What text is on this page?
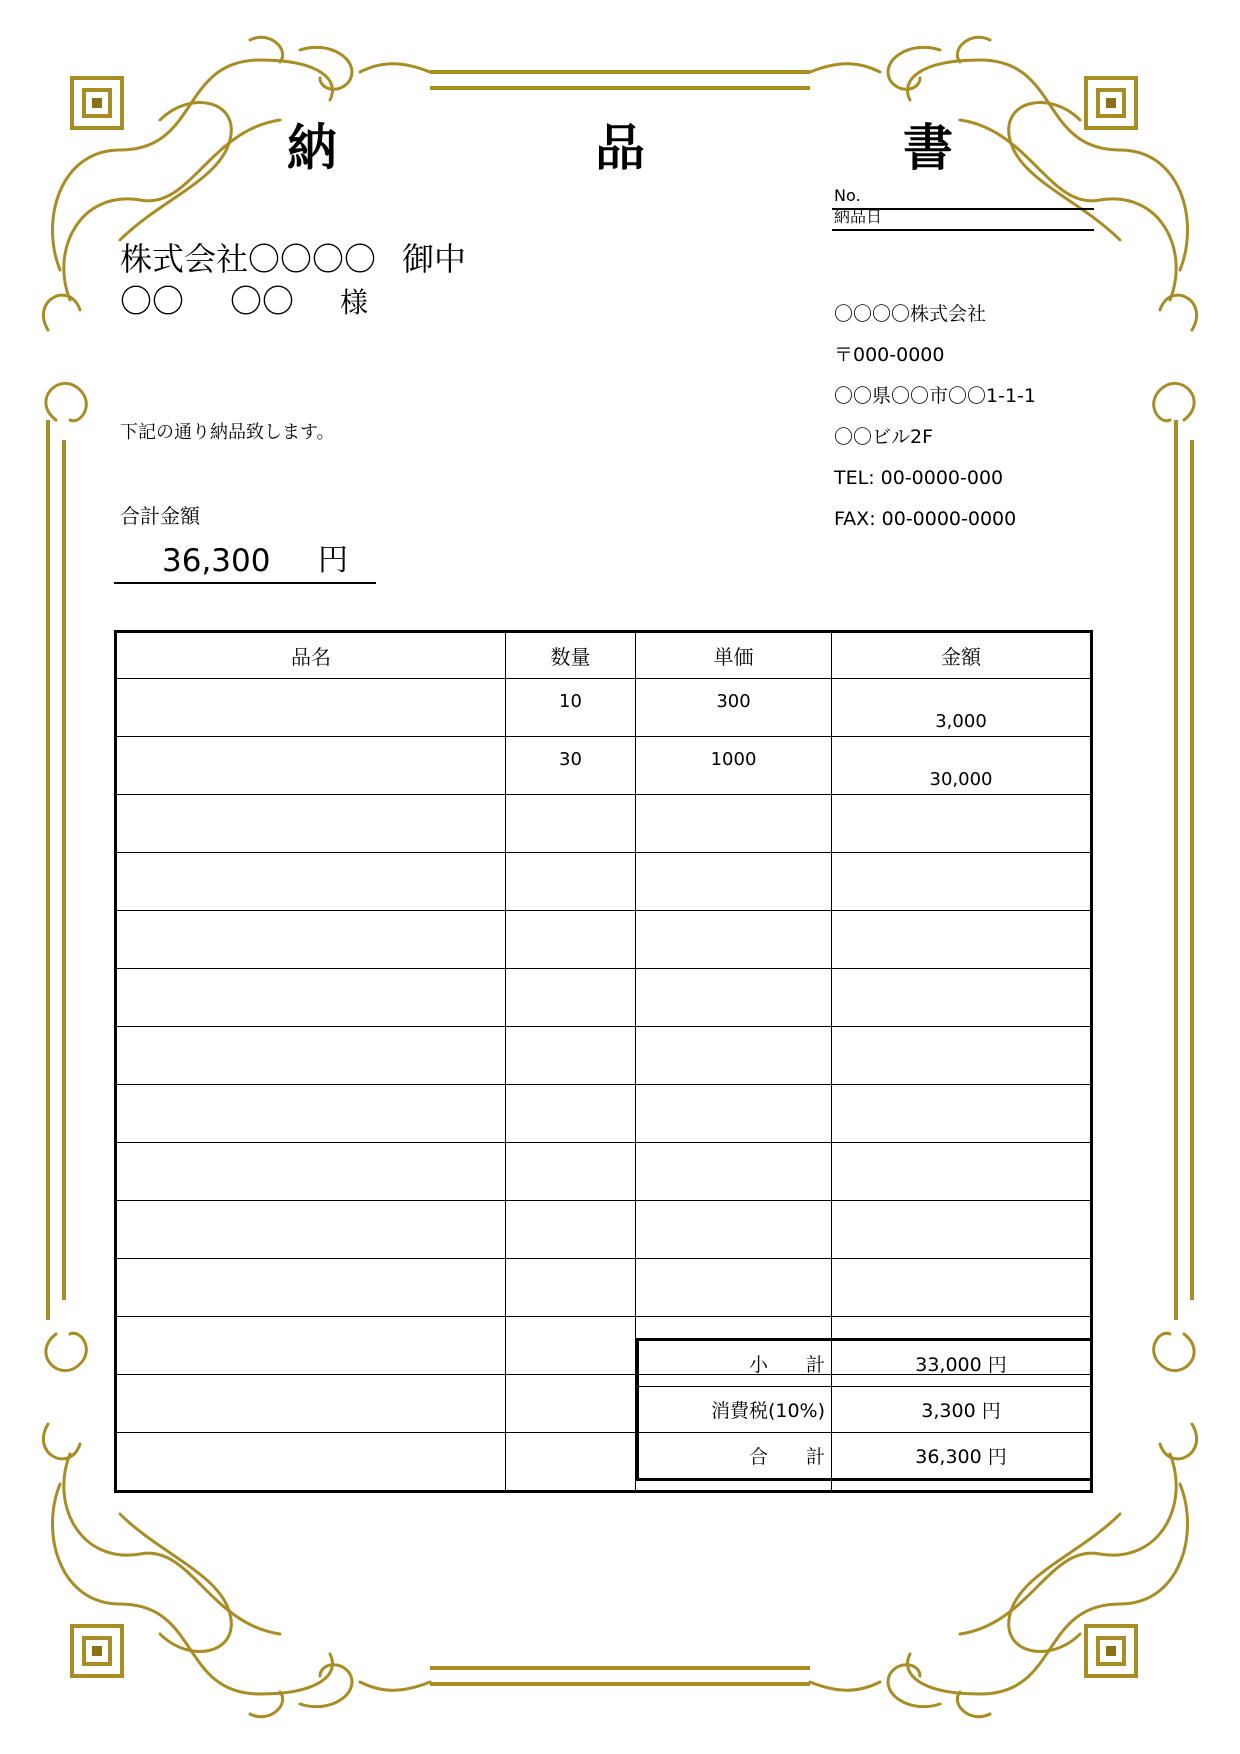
納　品　書
No.
納品日
株式会社〇〇〇〇 御中
〇〇 〇〇 様	〇〇〇〇株式会社
〒000-0000
〇〇県〇〇市〇〇1-1-1
〇〇ビル2F
TEL: 00-0000-000
FAX: 00-0000-0000
下記の通り納品致します。
合計金額
36,300 円
品名	数量	単価	金額
	10	300	3,000
	30	1000	30,000

小　　計	33,000 円
消費税(10%)	3,300 円
合　　計	36,300 円
